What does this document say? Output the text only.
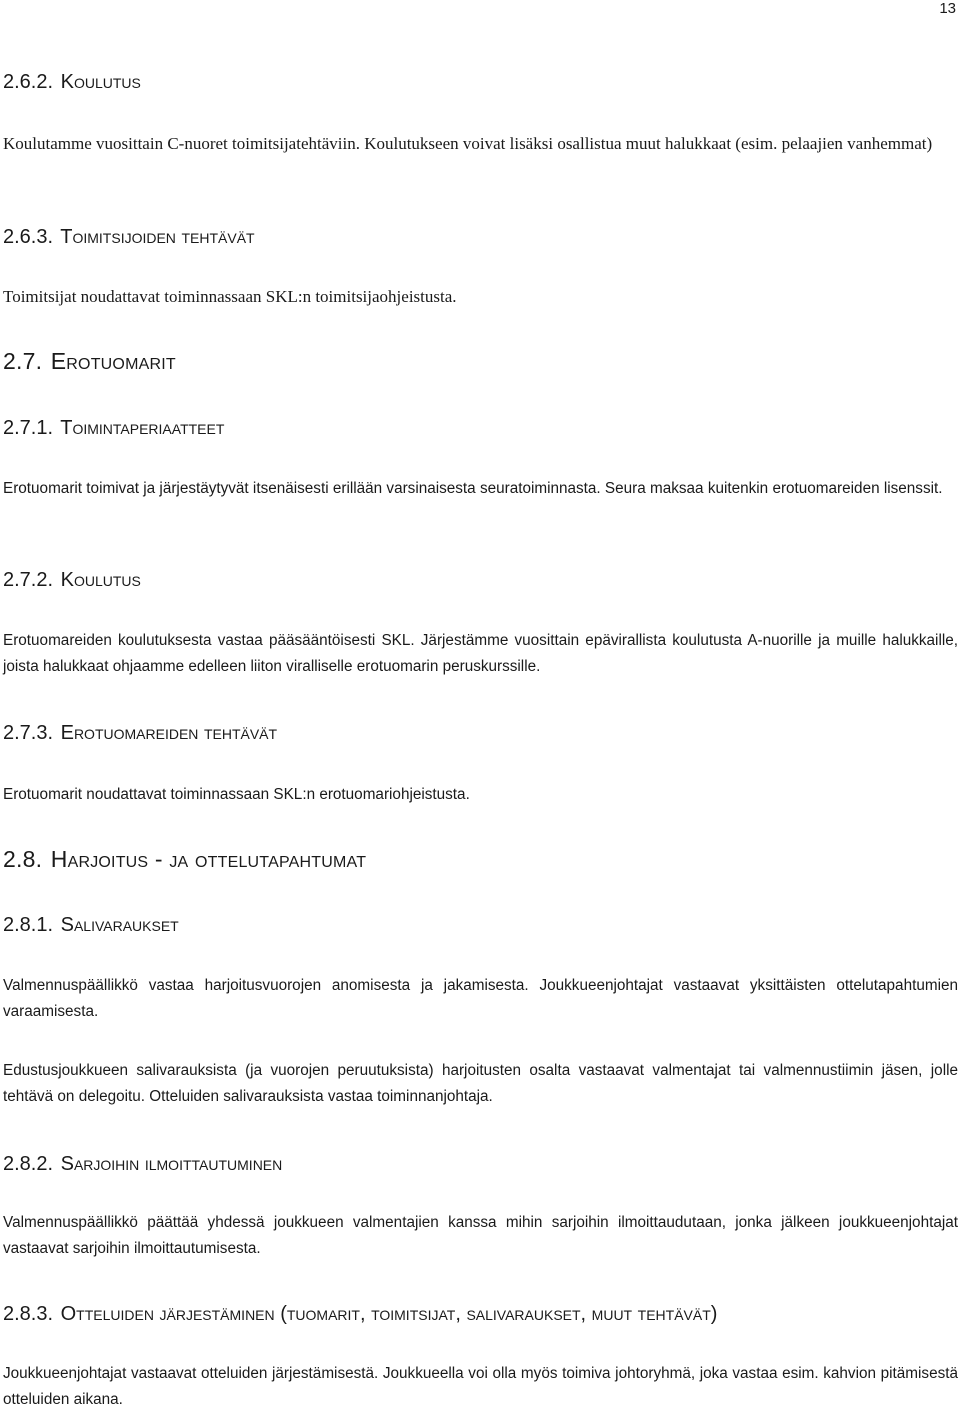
13
2.6.2. Koulutus
Koulutamme vuosittain C-nuoret toimitsijatehtäviin. Koulutukseen voivat lisäksi osallistua muut halukkaat (esim. pelaajien vanhemmat)
2.6.3. Toimitsijoiden tehtävät
Toimitsijat noudattavat toiminnassaan SKL:n toimitsijaohjeistusta.
2.7. Erotuomarit
2.7.1. Toimintaperiaatteet
Erotuomarit toimivat ja järjestäytyvät itsenäisesti erillään varsinaisesta seuratoiminnasta. Seura maksaa kuitenkin erotuomareiden lisenssit.
2.7.2. Koulutus
Erotuomareiden koulutuksesta vastaa pääsääntöisesti SKL. Järjestämme vuosittain epävirallista koulutusta A-nuorille ja muille halukkaille, joista halukkaat ohjaamme edelleen liiton viralliselle erotuomarin peruskurssille.
2.7.3. Erotuomareiden tehtävät
Erotuomarit noudattavat toiminnassaan SKL:n erotuomariohjeistusta.
2.8. Harjoitus - ja ottelutapahtumat
2.8.1. Salivaraukset
Valmennuspäällikkö vastaa harjoitusvuorojen anomisesta ja jakamisesta. Joukkueenjohtajat vastaavat yksittäisten ottelutapahtumien varaamisesta.
Edustusjoukkueen salivarauksista (ja vuorojen peruutuksista) harjoitusten osalta vastaavat valmentajat tai valmennustiimin jäsen, jolle tehtävä on delegoitu. Otteluiden salivarauksista vastaa toiminnanjohtaja.
2.8.2. Sarjoihin ilmoittautuminen
Valmennuspäällikkö päättää yhdessä joukkueen valmentajien kanssa mihin sarjoihin ilmoittaudutaan, jonka jälkeen joukkueenjohtajat vastaavat sarjoihin ilmoittautumisesta.
2.8.3. Otteluiden järjestäminen (tuomarit, toimitsijat, salivaraukset, muut tehtävät)
Joukkueenjohtajat vastaavat otteluiden järjestämisestä. Joukkueella voi olla myös toimiva johtoryhmä, joka vastaa esim. kahvion pitämisestä otteluiden aikana.
